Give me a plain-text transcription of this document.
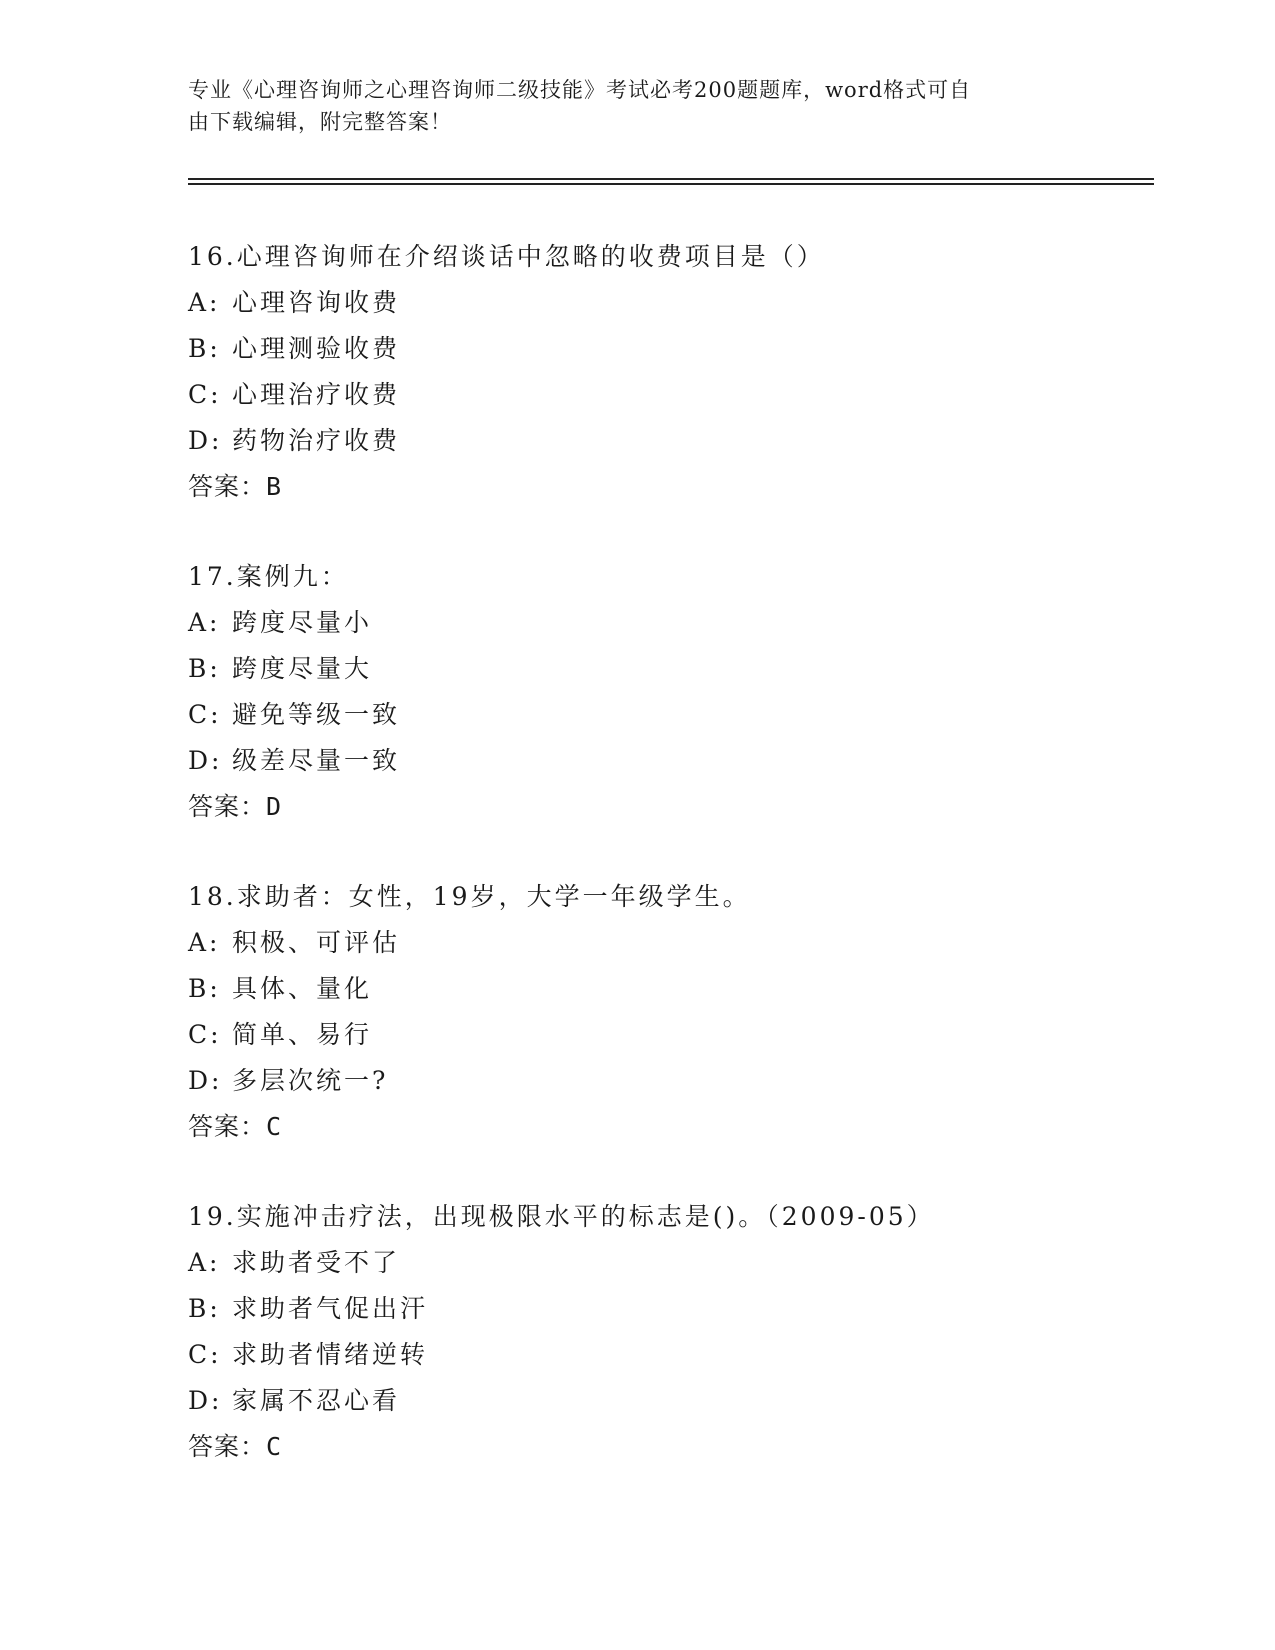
专业《心理咨询师之心理咨询师二级技能》考试必考200题题库，word格式可自
由下载编辑，附完整答案！
16.心理咨询师在介绍谈话中忽略的收费项目是（）
A: 心理咨询收费
B: 心理测验收费
C: 心理治疗收费
D: 药物治疗收费
答案：B
17.案例九：
A: 跨度尽量小
B: 跨度尽量大
C: 避免等级一致
D: 级差尽量一致
答案：D
18.求助者：女性，19岁，大学一年级学生。
A: 积极、可评估
B: 具体、量化
C: 简单、易行
D: 多层次统一?
答案：C
19.实施冲击疗法，出现极限水平的标志是()。（2009-05）
A: 求助者受不了
B: 求助者气促出汗
C: 求助者情绪逆转
D: 家属不忍心看
答案：C
